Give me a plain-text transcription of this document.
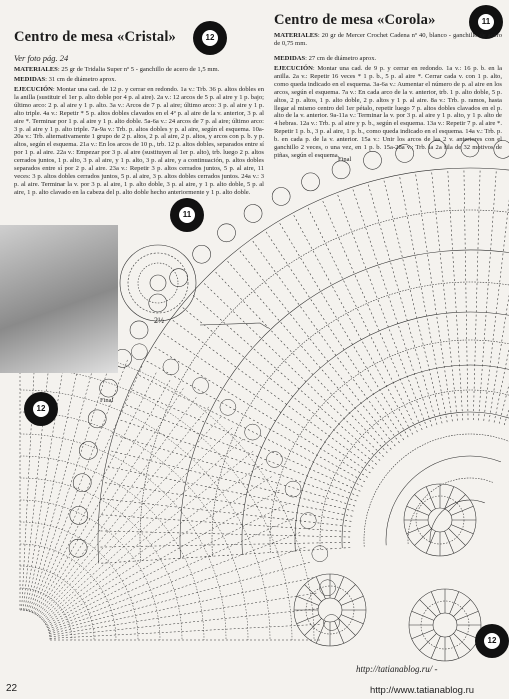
Centro de mesa «Cristal»	12
Ver foto pág. 24
MATERIALES: 25 gr de Tridalia Super nº 5 - ganchillo de acero de 1,5 mm.
MEDIDAS: 31 cm de diámetro aprox.
EJECUCIÓN: Montar una cad. de 12 p. y cerrar en redondo. 1a v.: Trb. 36 p. altos dobles en la anilla (sustituir el 1er p. alto doble por 4 p. al aire). 2a v.: 12 arcos de 5 p. al aire y 1 p. bajo; último arco: 2 p. al aire y 1 p. alto. 3a v.: Arcos de 7 p. al aire; último arco: 3 p. al aire y 1 p. alto triple. 4a v.: Repetir * 5 p. altos dobles clavados en el 4º p. al aire de la v. anterior, 3 p. al aire *. Terminar por 1 p. al aire y 1 p. alto doble. 5a-6a v.: 24 arcos de 7 p. al aire; último arco: 3 p. al aire y 1 p. alto triple. 7a-9a v.: Trb. p. altos dobles y p. al aire, según el esquema. 10a-20a v.: Trb. alternativamente 1 grupo de 2 p. altos, 2 p. al aire, 2 p. altos, y arcos con p. b. y p. altos, según el esquema. 21a v.: En los arcos de 10 p., trb. 12 p. altos dobles, separados entre sí por 1 p. al aire. 22a v.: Empezar por 3 p. al aire (sustituyen al 1er p. alto), trb. luego 2 p. altos cerrados juntos, 1 p. alto, 3 p. al aire, y 1 p. alto, 3 p. al aire, y a continuación, p. altos dobles separados entre sí por 2 p. al aire. 23a v.: Repetir 3 p. altos cerrados juntos, 5 p. al aire, 11 veces: 3 p. altos dobles cerrados juntos, 5 p. al aire, 3 p. altos dobles cerrados juntos. 24a v.: 3 p. al aire. Terminar la v. por 3 p. al aire, 1 p. alto doble, 3 p. al aire, y 1 p. alto doble, 5 p. al aire, 1 p. alto clavado en la cabeza del p. alto doble hecho anteriormente y 1 p. alto doble.
11
2½
12
Final
22
Centro de mesa «Corola»	11
MATERIALES: 20 gr de Mercer Crochet Cadena nº 40, blanco - ganchillo de acero de 0,75 mm.
MEDIDAS: 27 cm de diámetro aprox.
EJECUCIÓN: Montar una cad. de 9 p. y cerrar en redondo. 1a v.: 16 p. b. en la anilla. 2a v.: Repetir 16 veces * 1 p. b., 5 p. al aire *. Cerrar cada v. con 1 p. alto, como queda indicado en el esquema. 3a-6a v.: Aumentar el número de p. al aire en los arcos, según el esquema. 7a v.: En cada arco de la v. anterior, trb. 1 p. alto doble, 5 p. altos, 2 p. altos, 1 p. alto doble, 2 p. altos y 1 p. al aire. 8a v.: Trb. p. ramos, hasta llegar al mismo centro del 1er pétalo, repetir luego 7 p. altos dobles clavados en el p. alto de la v. anterior. 9a-11a v.: Terminar la v. por 3 p. al aire y 1 p. alto, y 1 p. alto de 4 hebras. 12a v.: Trb. p. al aire y p. b., según el esquema. 13a v.: Repetir 7 p. al aire *. Repetir 1 p. b., 3 p. al aire, 1 p. b., como queda indicado en el esquema. 14a v.: Trb. p. b. en cada p. de la v. anterior. 15a v.: Unir los arcos de las 2 v. anteriores con el ganchillo 2 veces, o una vez, en 1 p. b. 15a-28a v.: Trb. la 2a fila de 32 motivos de piñas, según el esquema.
Final
http://tatianablog.ru/ -
12
http://www.tatianablog.ru
